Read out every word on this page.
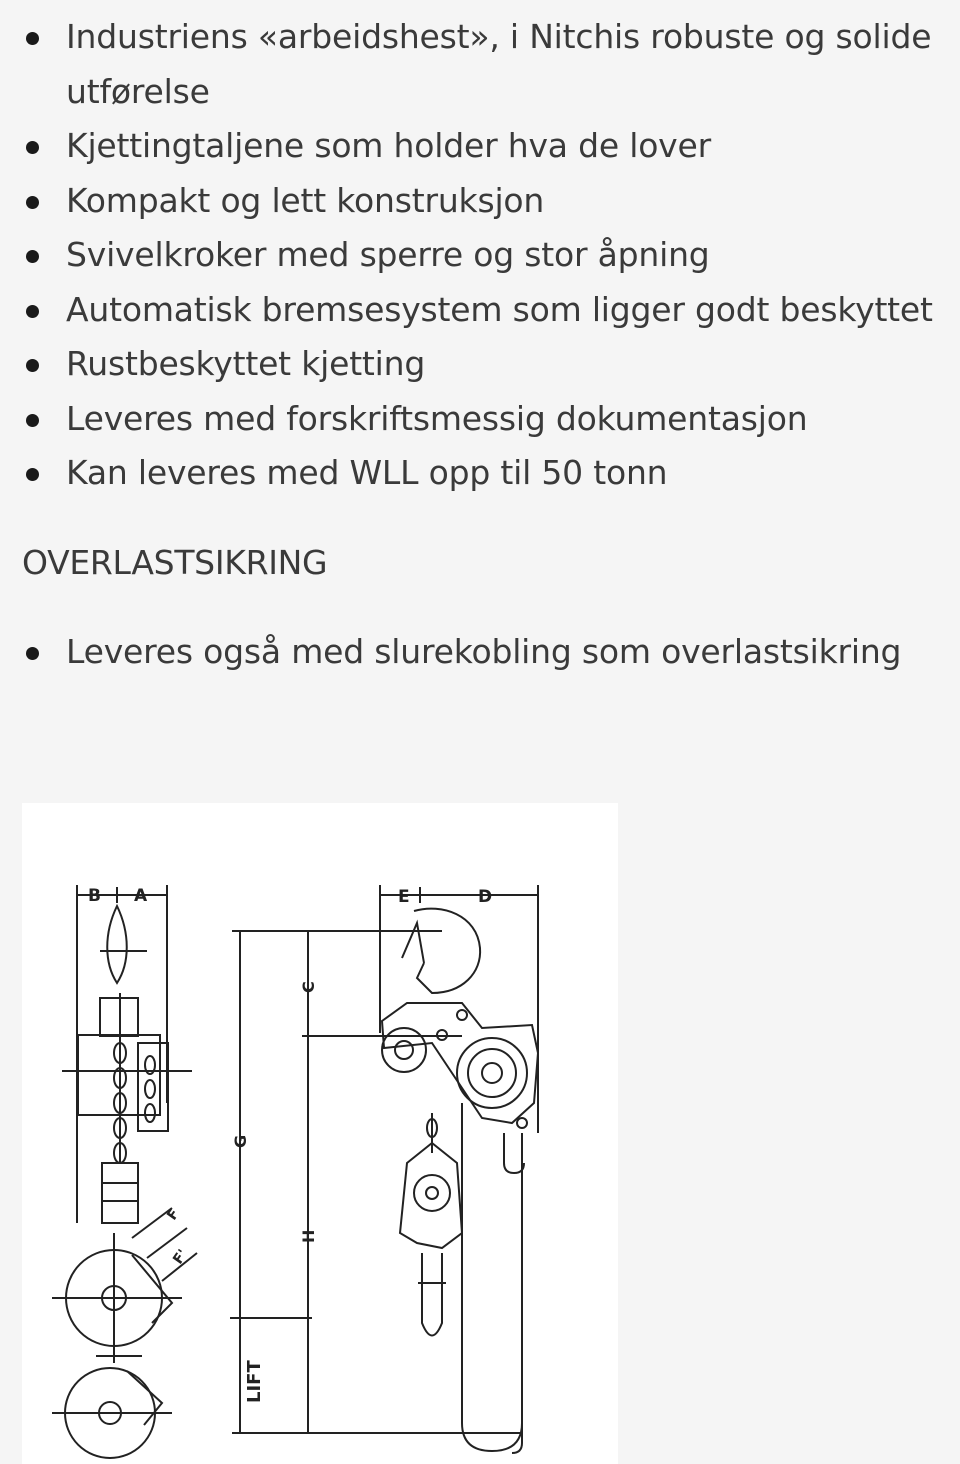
Industriens «arbeidshest», i Nitchis robuste og solide utførelse
Kjettingtaljene som holder hva de lover
Kompakt og lett konstruksjon
Svivelkroker med sperre og stor åpning
Automatisk bremsesystem som ligger godt beskyttet
Rustbeskyttet kjetting
Leveres med forskriftsmessig dokumentasjon
Kan leveres med WLL opp til 50 tonn
OVERLASTSIKRING
Leveres også med slurekobling som overlastsikring
B A	E	D
C
G
H
F
F'
LIFT
